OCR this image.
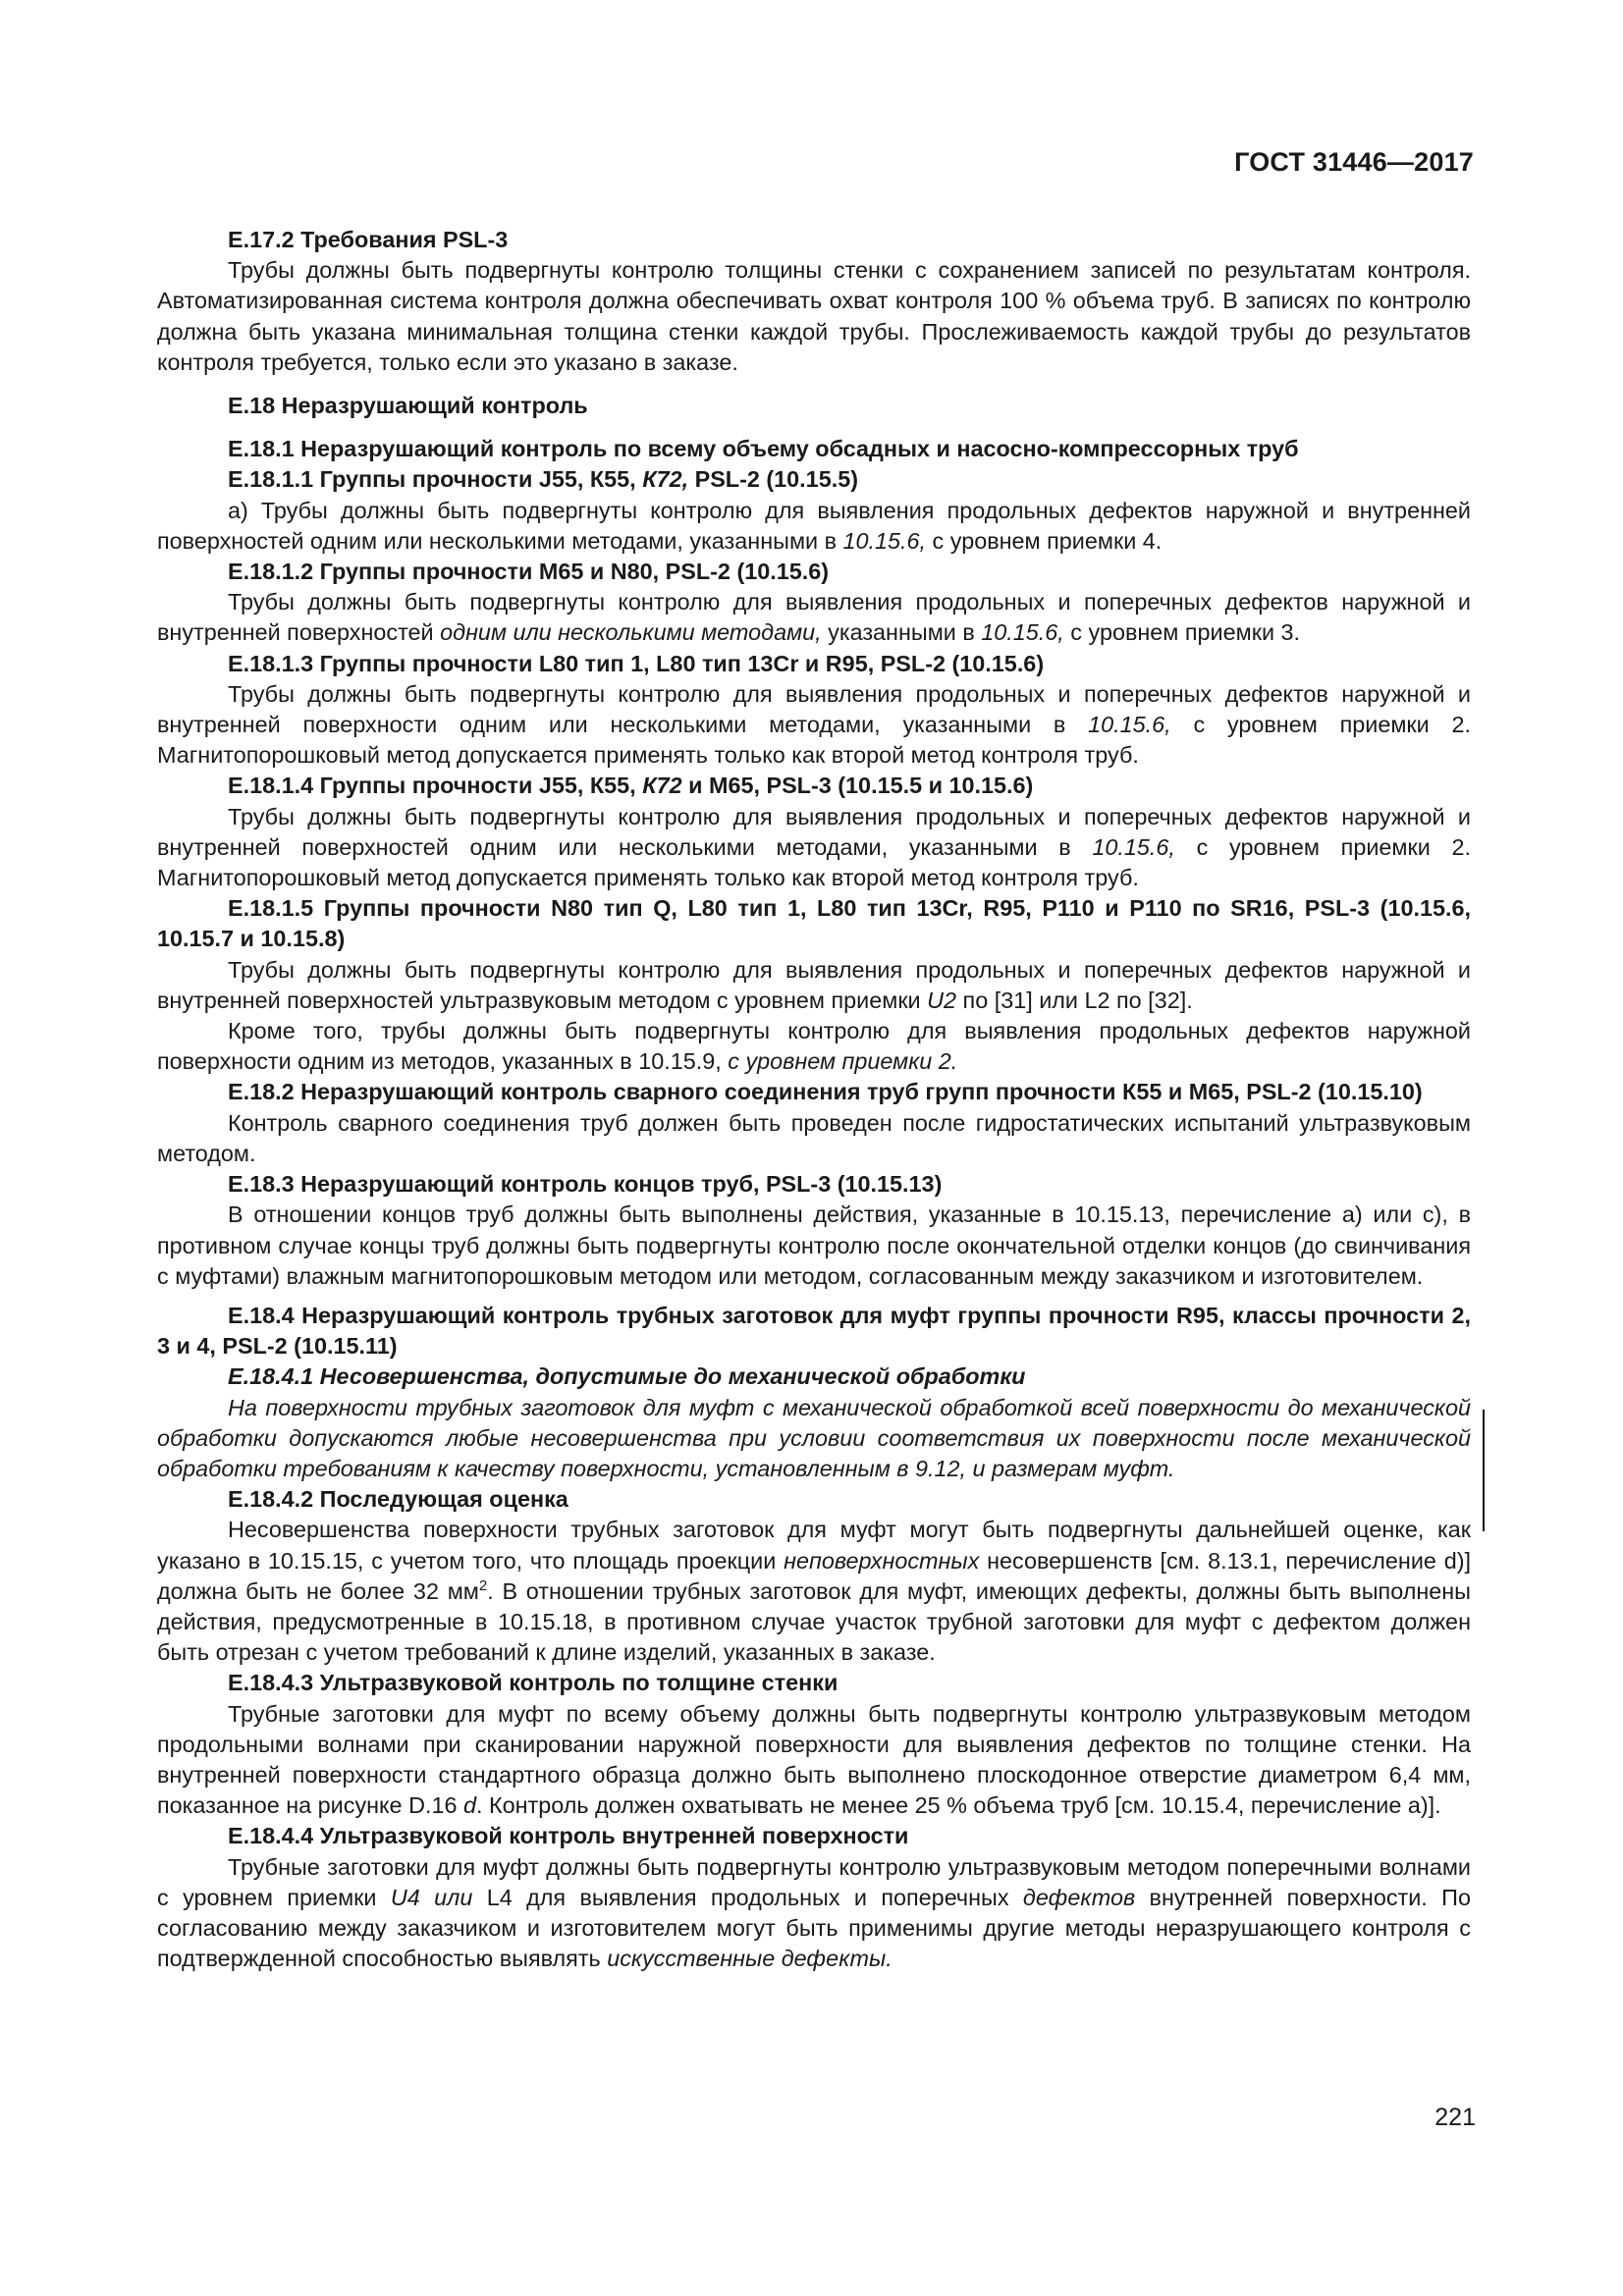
ГОСТ 31446—2017

Е.17.2 Требования PSL-3

Трубы должны быть подвергнуты контролю толщины стенки с сохранением записей по результатам контроля. Автоматизированная система контроля должна обеспечивать охват контроля 100 % объема труб. В записях по контролю должна быть указана минимальная толщина стенки каждой трубы. Прослеживаемость каждой трубы до результатов контроля требуется, только если это указано в заказе.

Е.18 Неразрушающий контроль

Е.18.1 Неразрушающий контроль по всему объему обсадных и насосно-компрессорных труб

Е.18.1.1 Группы прочности J55, К55, К72, PSL-2 (10.15.5)

а) Трубы должны быть подвергнуты контролю для выявления продольных дефектов наружной и внутренней поверхностей одним или несколькими методами, указанными в 10.15.6, с уровнем приемки 4.

Е.18.1.2 Группы прочности М65 и N80, PSL-2 (10.15.6)

Трубы должны быть подвергнуты контролю для выявления продольных и поперечных дефектов наружной и внутренней поверхностей одним или несколькими методами, указанными в 10.15.6, с уровнем приемки 3.

Е.18.1.3 Группы прочности L80 тип 1, L80 тип 13Cr и R95, PSL-2 (10.15.6)

Трубы должны быть подвергнуты контролю для выявления продольных и поперечных дефектов наружной и внутренней поверхности одним или несколькими методами, указанными в 10.15.6, с уровнем приемки 2. Магнитопорошковый метод допускается применять только как второй метод контроля труб.

Е.18.1.4 Группы прочности J55, К55, К72 и М65, PSL-3 (10.15.5 и 10.15.6)

Трубы должны быть подвергнуты контролю для выявления продольных и поперечных дефектов наружной и внутренней поверхностей одним или несколькими методами, указанными в 10.15.6, с уровнем приемки 2. Магнитопорошковый метод допускается применять только как второй метод контроля труб.

Е.18.1.5 Группы прочности N80 тип Q, L80 тип 1, L80 тип 13Cr, R95, Р110 и Р110 по SR16, PSL-3 (10.15.6, 10.15.7 и 10.15.8)

Трубы должны быть подвергнуты контролю для выявления продольных и поперечных дефектов наружной и внутренней поверхностей ультразвуковым методом с уровнем приемки U2 по [31] или L2 по [32].

Кроме того, трубы должны быть подвергнуты контролю для выявления продольных дефектов наружной поверхности одним из методов, указанных в 10.15.9, с уровнем приемки 2.

Е.18.2 Неразрушающий контроль сварного соединения труб групп прочности К55 и М65, PSL-2 (10.15.10)

Контроль сварного соединения труб должен быть проведен после гидростатических испытаний ультразвуковым методом.

Е.18.3 Неразрушающий контроль концов труб, PSL-3 (10.15.13)

В отношении концов труб должны быть выполнены действия, указанные в 10.15.13, перечисление а) или с), в противном случае концы труб должны быть подвергнуты контролю после окончательной отделки концов (до свинчивания с муфтами) влажным магнитопорошковым методом или методом, согласованным между заказчиком и изготовителем.

Е.18.4 Неразрушающий контроль трубных заготовок для муфт группы прочности R95, классы прочности 2, 3 и 4, PSL-2 (10.15.11)

Е.18.4.1 Несовершенства, допустимые до механической обработки

На поверхности трубных заготовок для муфт с механической обработкой всей поверхности до механической обработки допускаются любые несовершенства при условии соответствия их поверхности после механической обработки требованиям к качеству поверхности, установленным в 9.12, и размерам муфт.

Е.18.4.2 Последующая оценка

Несовершенства поверхности трубных заготовок для муфт могут быть подвергнуты дальнейшей оценке, как указано в 10.15.15, с учетом того, что площадь проекции неповерхностных несовершенств [см. 8.13.1, перечисление d)] должна быть не более 32 $мм^2$. В отношении трубных заготовок для муфт, имеющих дефекты, должны быть выполнены действия, предусмотренные в 10.15.18, в противном случае участок трубной заготовки для муфт с дефектом должен быть отрезан с учетом требований к длине изделий, указанных в заказе.

Е.18.4.3 Ультразвуковой контроль по толщине стенки

Трубные заготовки для муфт по всему объему должны быть подвергнуты контролю ультразвуковым методом продольными волнами при сканировании наружной поверхности для выявления дефектов по толщине стенки. На внутренней поверхности стандартного образца должно быть выполнено плоскодонное отверстие диаметром 6,4 мм, показанное на рисунке D.16 d. Контроль должен охватывать не менее 25 % объема труб [см. 10.15.4, перечисление а)].

Е.18.4.4 Ультразвуковой контроль внутренней поверхности

Трубные заготовки для муфт должны быть подвергнуты контролю ультразвуковым методом поперечными волнами с уровнем приемки U4 или L4 для выявления продольных и поперечных дефектов внутренней поверхности. По согласованию между заказчиком и изготовителем могут быть применимы другие методы неразрушающего контроля с подтвержденной способностью выявлять искусственные дефекты.

221
